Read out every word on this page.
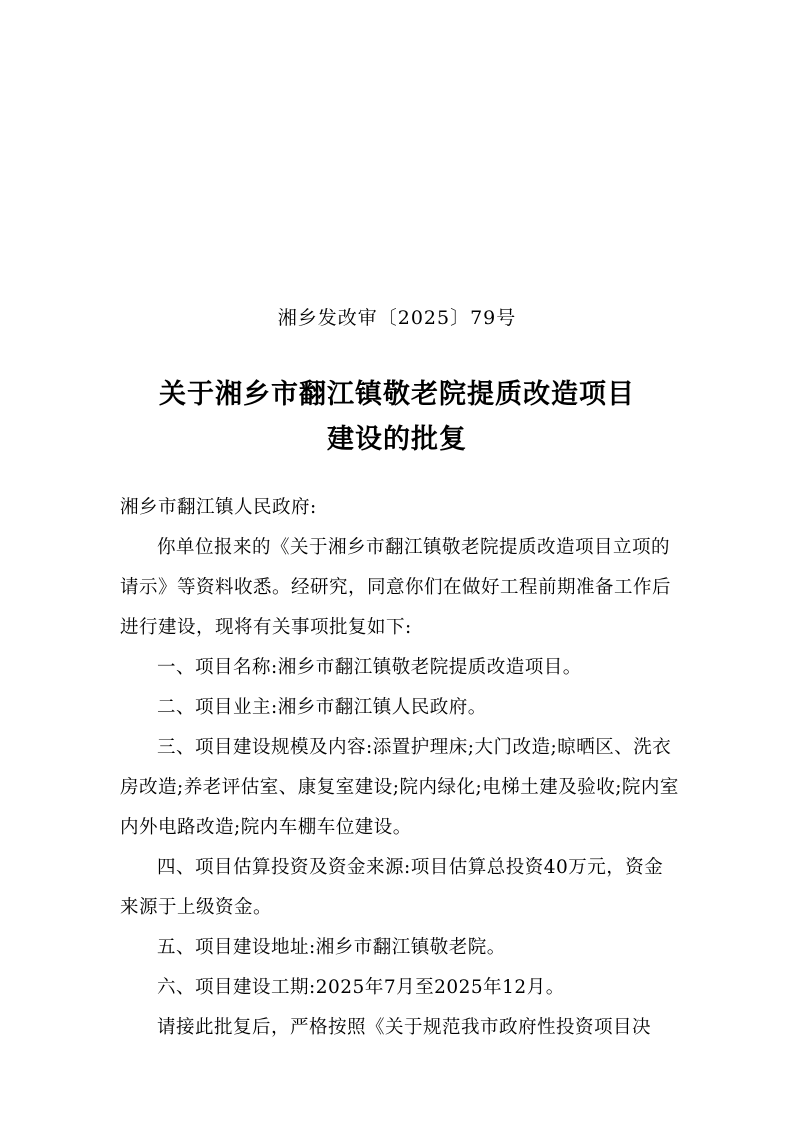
湘乡发改审〔2025〕79号
关于湘乡市翻江镇敬老院提质改造项目
建设的批复

湘乡市翻江镇人民政府:

你单位报来的《关于湘乡市翻江镇敬老院提质改造项目立项的请示》等资料收悉。经研究，同意你们在做好工程前期准备工作后进行建设，现将有关事项批复如下:

一、项目名称:湘乡市翻江镇敬老院提质改造项目。

二、项目业主:湘乡市翻江镇人民政府。

三、项目建设规模及内容:添置护理床;大门改造;晾晒区、洗衣房改造;养老评估室、康复室建设;院内绿化;电梯土建及验收;院内室内外电路改造;院内车棚车位建设。

四、项目估算投资及资金来源:项目估算总投资40万元，资金来源于上级资金。

五、项目建设地址:湘乡市翻江镇敬老院。

六、项目建设工期:2025年7月至2025年12月。

请接此批复后，严格按照《关于规范我市政府性投资项目决
